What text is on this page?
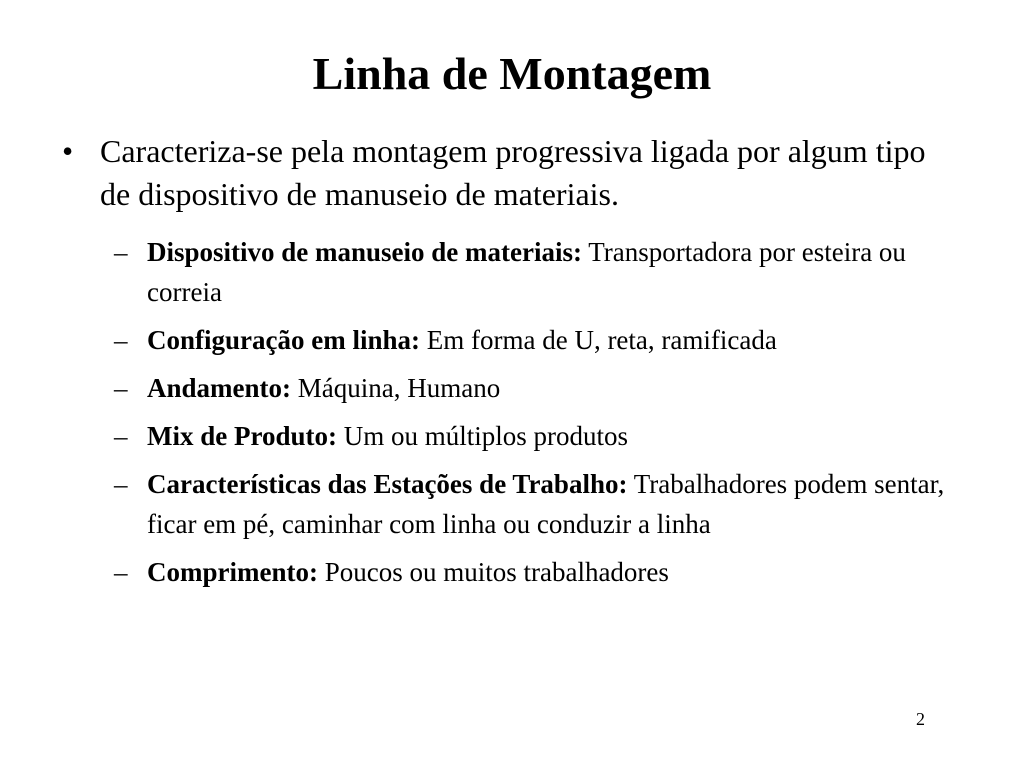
Linha de Montagem
• Caracteriza-se pela montagem progressiva ligada por algum tipo de dispositivo de manuseio de materiais.
– Dispositivo de manuseio de materiais: Transportadora por esteira ou correia
– Configuração em linha: Em forma de U, reta, ramificada
– Andamento: Máquina, Humano
– Mix de Produto: Um ou múltiplos produtos
– Características das Estações de Trabalho: Trabalhadores podem sentar, ficar em pé, caminhar com linha ou conduzir a linha
– Comprimento: Poucos ou muitos trabalhadores
2
